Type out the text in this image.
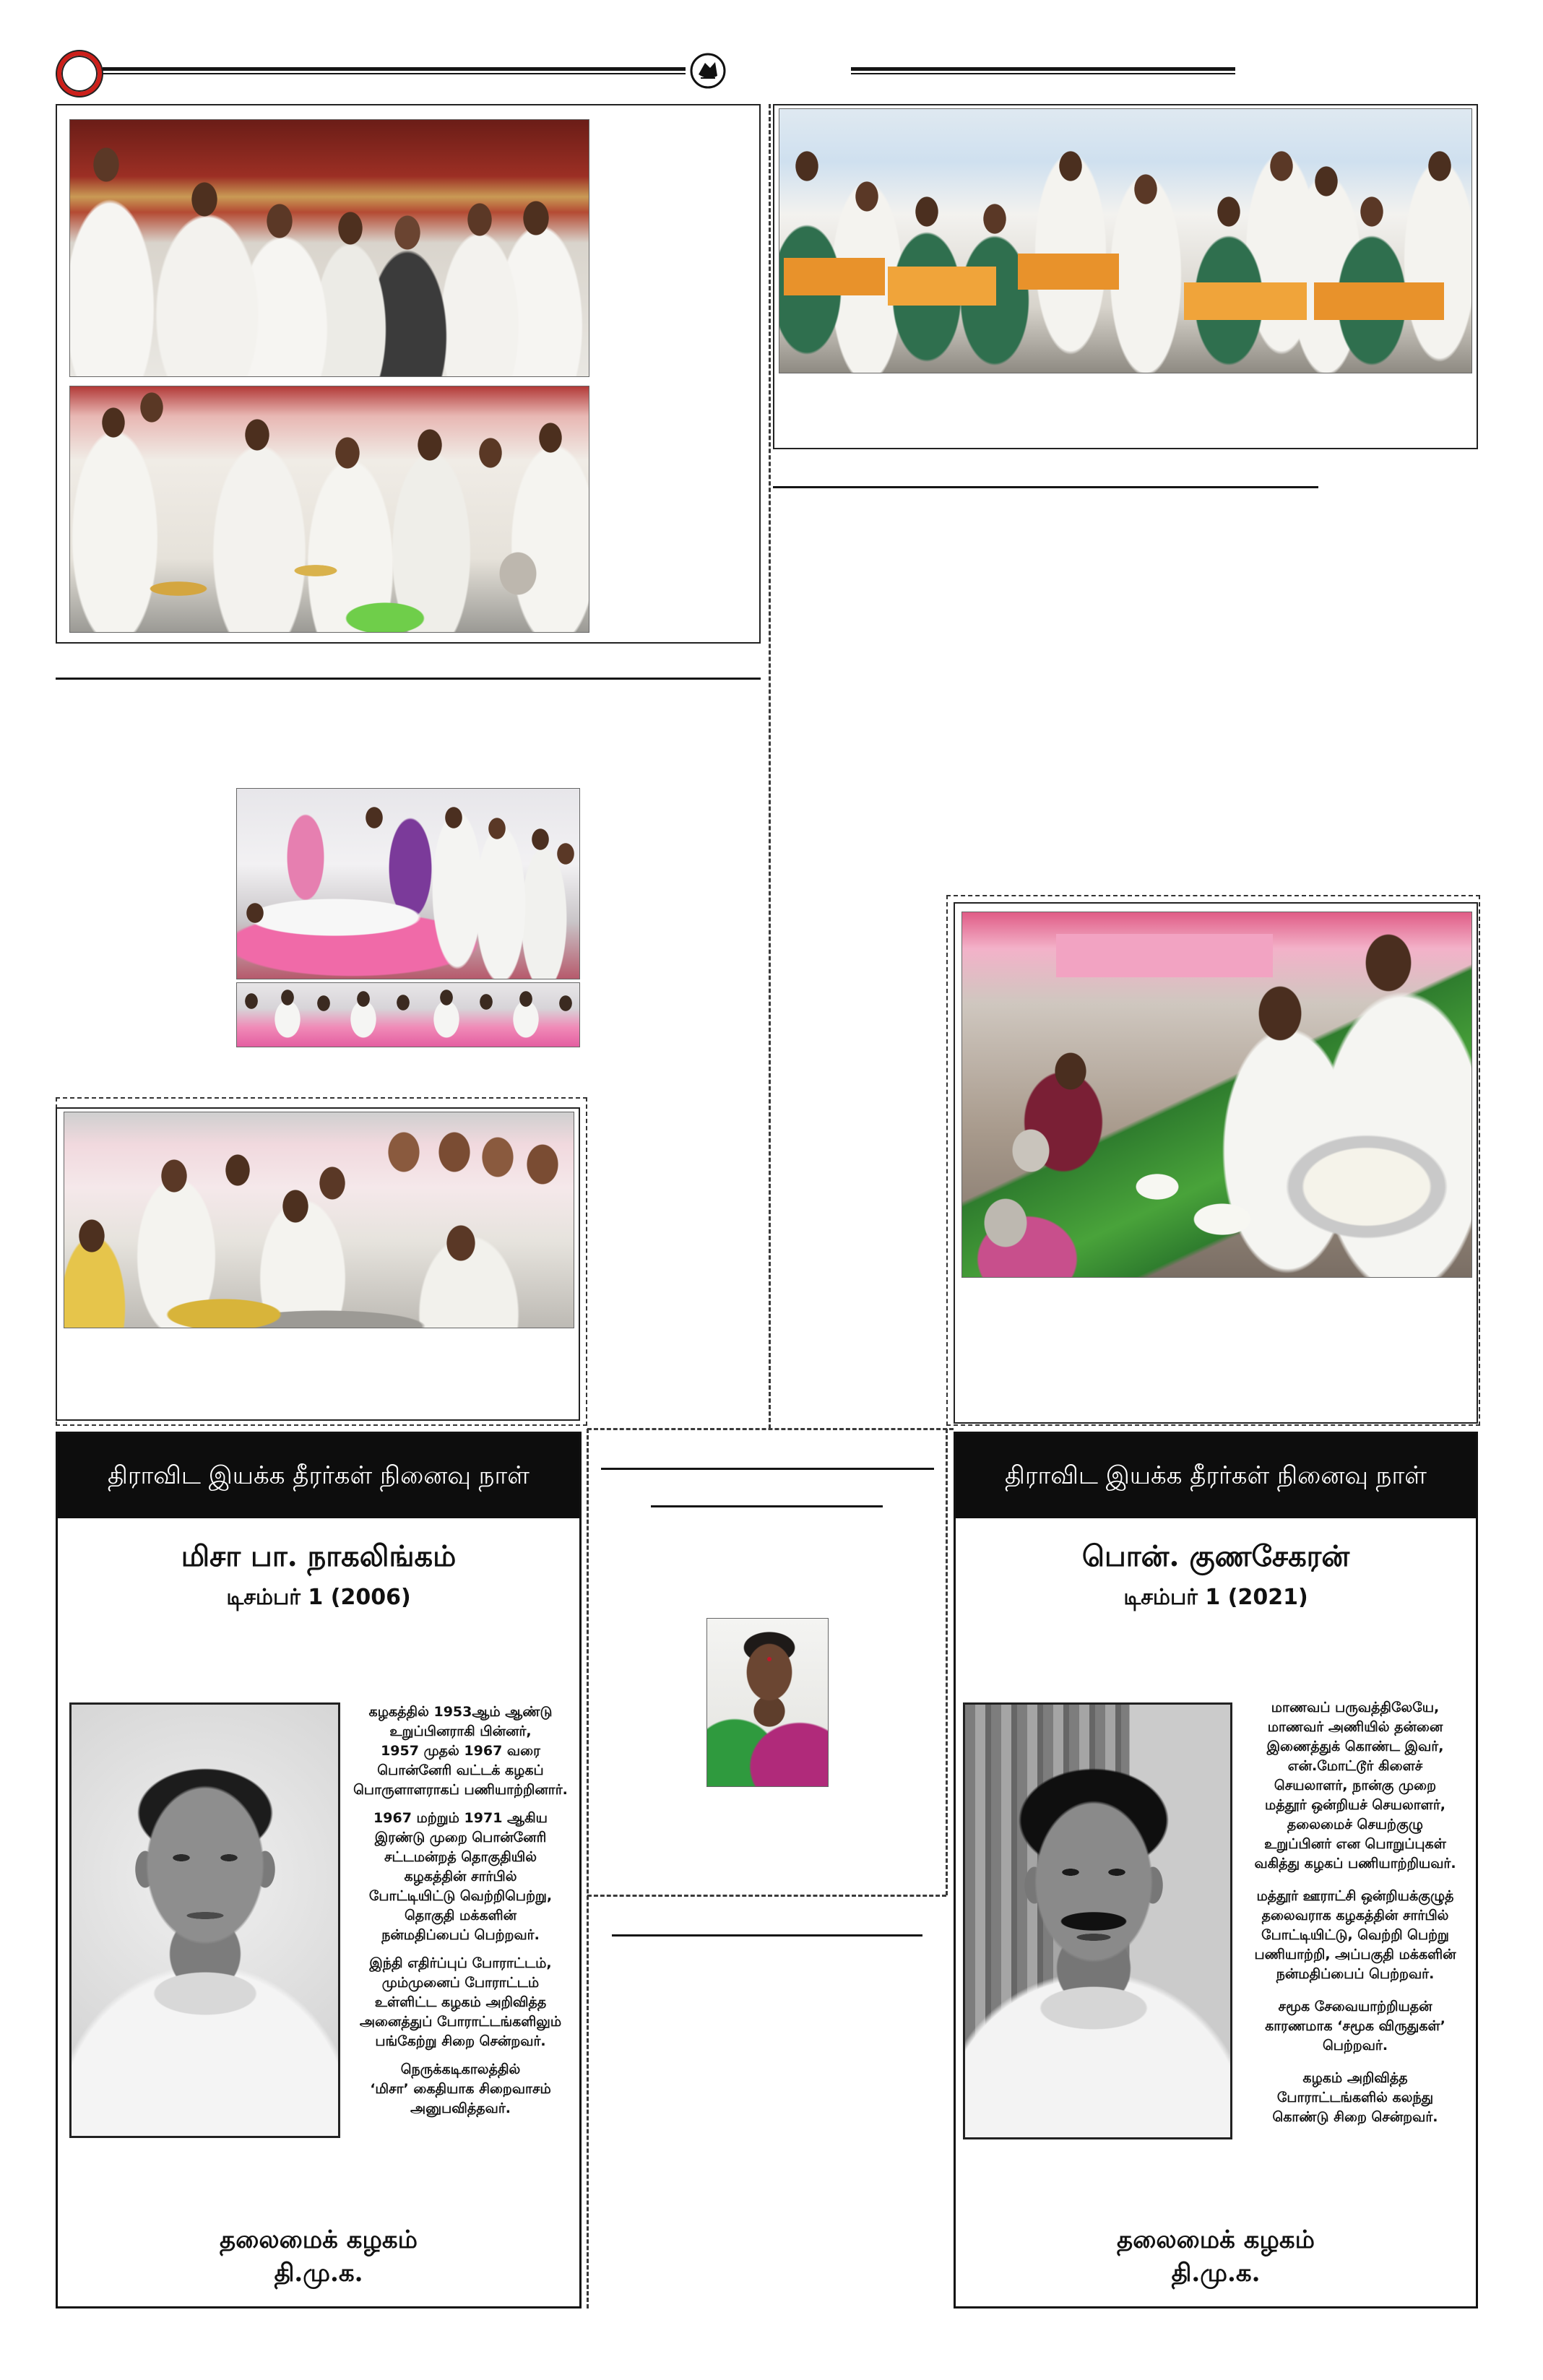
திராவிட இயக்க தீரர்கள் நினைவு நாள்
மிசா பா. நாகலிங்கம்
டிசம்பர் 1 (2006)

கழகத்தில் 1953ஆம் ஆண்டு
உறுப்பினராகி பின்னர்,
1957 முதல் 1967 வரை
பொன்னேரி வட்டக் கழகப்
பொருளாளராகப் பணியாற்றினார்.

1967 மற்றும் 1971 ஆகிய
இரண்டு முறை பொன்னேரி
சட்டமன்றத் தொகுதியில்
கழகத்தின் சார்பில்
போட்டியிட்டு வெற்றிபெற்று,
தொகுதி மக்களின்
நன்மதிப்பைப் பெற்றவர்.

இந்தி எதிர்ப்புப் போராட்டம்,
மும்முனைப் போராட்டம்
உள்ளிட்ட கழகம் அறிவித்த
அனைத்துப் போராட்டங்களிலும்
பங்கேற்று சிறை சென்றவர்.

நெருக்கடிகாலத்தில்
‘மிசா’ கைதியாக சிறைவாசம்
அனுபவித்தவர்.

தலைமைக் கழகம்
தி.மு.க.
திராவிட இயக்க தீரர்கள் நினைவு நாள்
பொன். குணசேகரன்
டிசம்பர் 1 (2021)

மாணவப் பருவத்திலேயே,
மாணவர் அணியில் தன்னை
இணைத்துக் கொண்ட இவர்,
என்.மோட்டூர் கிளைச்
செயலாளர், நான்கு முறை
மத்தூர் ஒன்றியச் செயலாளர்,
தலைமைச் செயற்குழு
உறுப்பினர் என பொறுப்புகள்
வகித்து கழகப் பணியாற்றியவர்.

மத்தூர் ஊராட்சி ஒன்றியக்குழுத்
தலைவராக கழகத்தின் சார்பில்
போட்டியிட்டு, வெற்றி பெற்று
பணியாற்றி, அப்பகுதி மக்களின்
நன்மதிப்பைப் பெற்றவர்.

சமூக சேவையாற்றியதன்
காரணமாக ‘சமூக விருதுகள்’
பெற்றவர்.

கழகம் அறிவித்த
போராட்டங்களில் கலந்து
கொண்டு சிறை சென்றவர்.

தலைமைக் கழகம்
தி.மு.க.
